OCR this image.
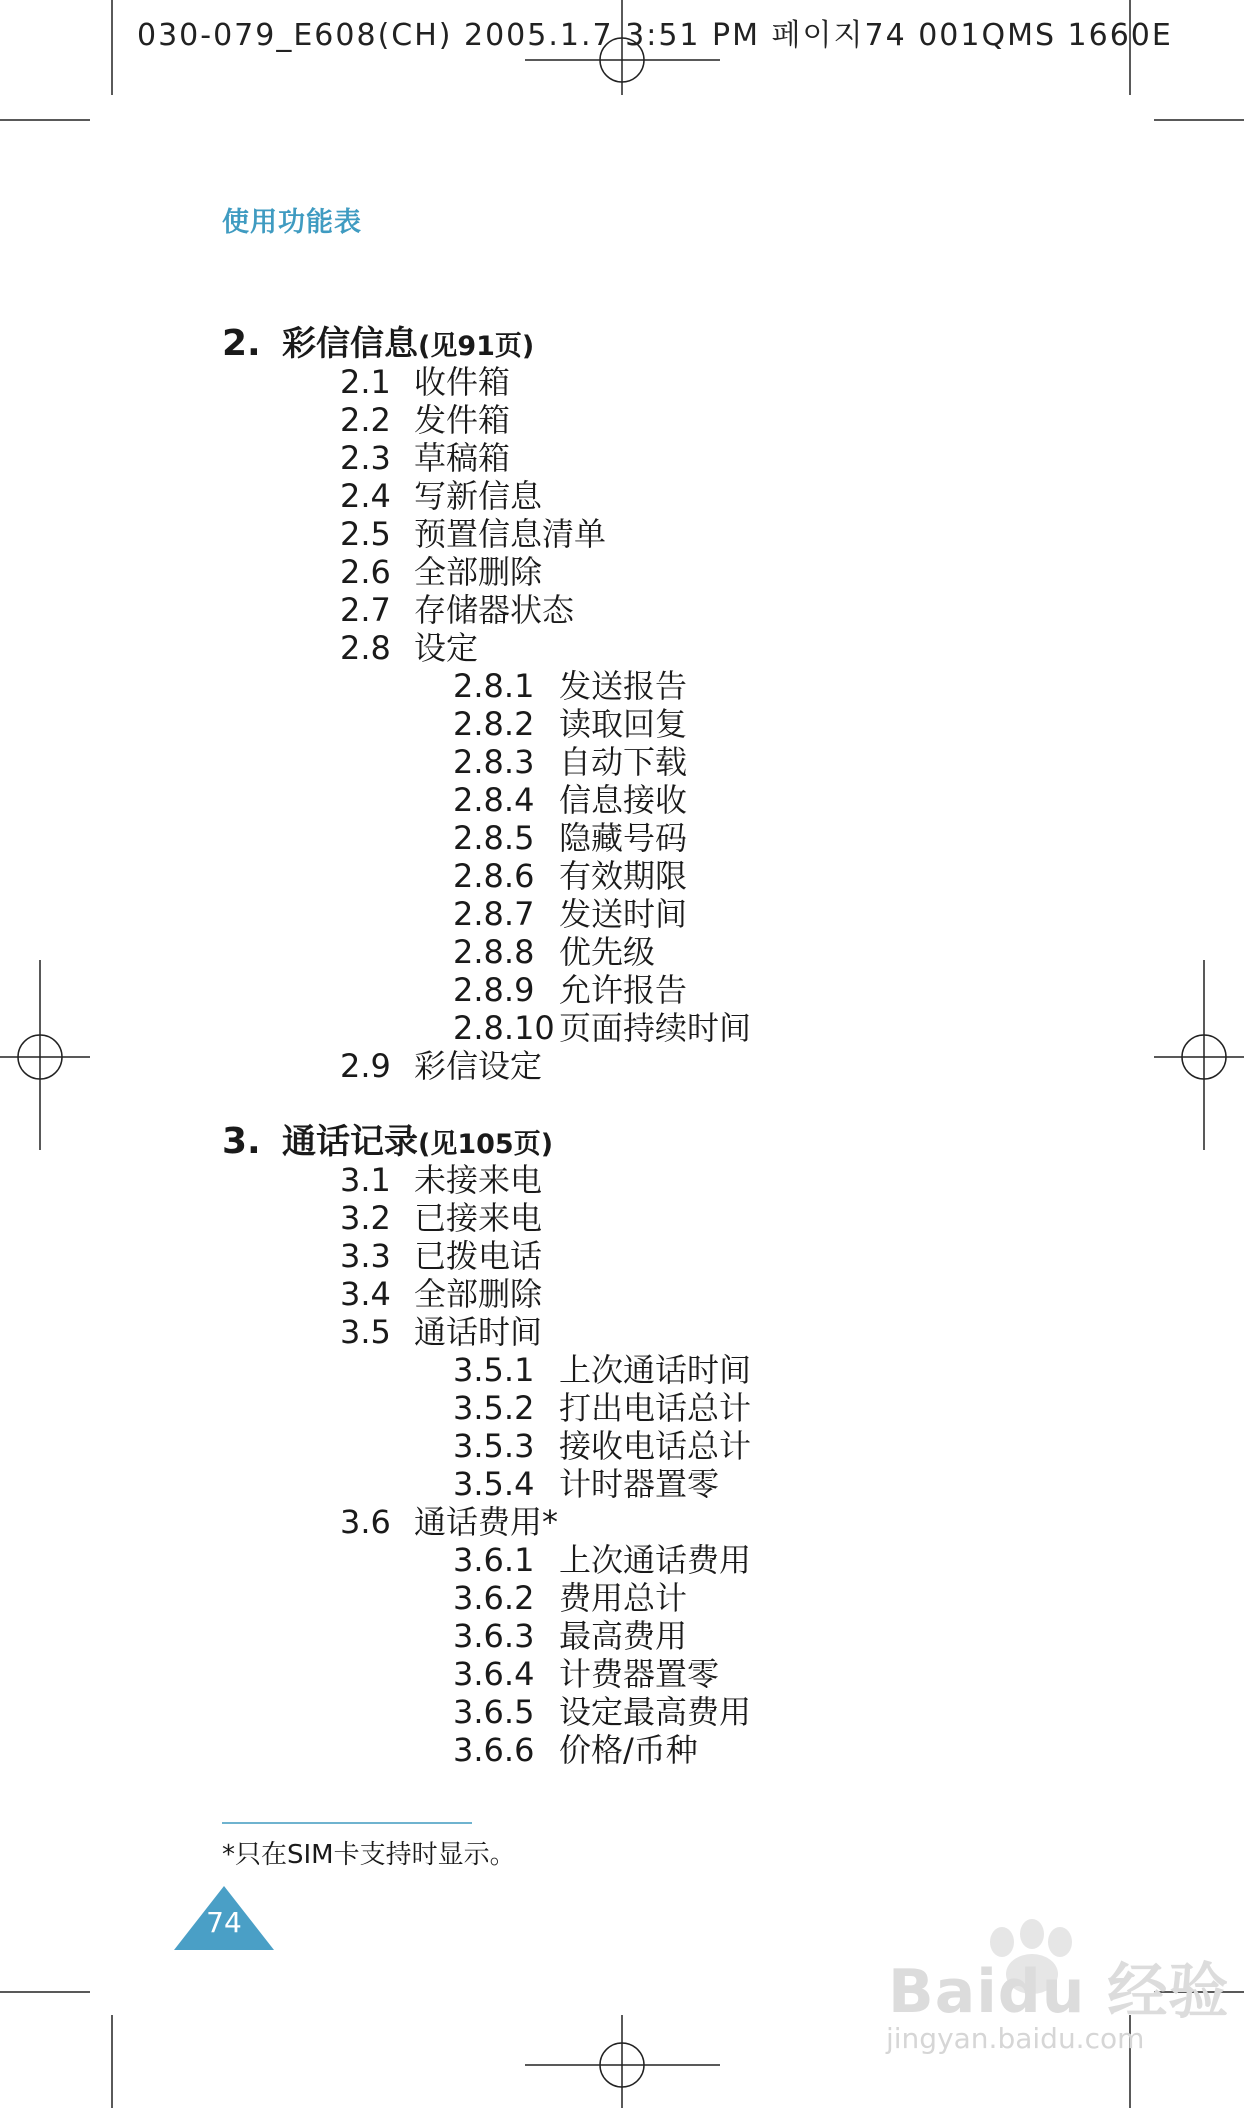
030-079_E608(CH) 2005.1.7 3:51 PM 페이지74 001QMS 1660E
使用功能表
2. 彩信信息(见91页)
2.1 收件箱
2.2 发件箱
2.3 草稿箱
2.4 写新信息
2.5 预置信息清单
2.6 全部删除
2.7 存储器状态
2.8 设定
2.8.1 发送报告
2.8.2 读取回复
2.8.3 自动下载
2.8.4 信息接收
2.8.5 隐藏号码
2.8.6 有效期限
2.8.7 发送时间
2.8.8 优先级
2.8.9 允许报告
2.8.10 页面持续时间
2.9 彩信设定
3. 通话记录(见105页)
3.1 未接来电
3.2 已接来电
3.3 已拨电话
3.4 全部删除
3.5 通话时间
3.5.1 上次通话时间
3.5.2 打出电话总计
3.5.3 接收电话总计
3.5.4 计时器置零
3.6 通话费用*
3.6.1 上次通话费用
3.6.2 费用总计
3.6.3 最高费用
3.6.4 计费器置零
3.6.5 设定最高费用
3.6.6 价格/币种
*只在SIM卡支持时显示。
74
Baidu 经验
jingyan.baidu.com
